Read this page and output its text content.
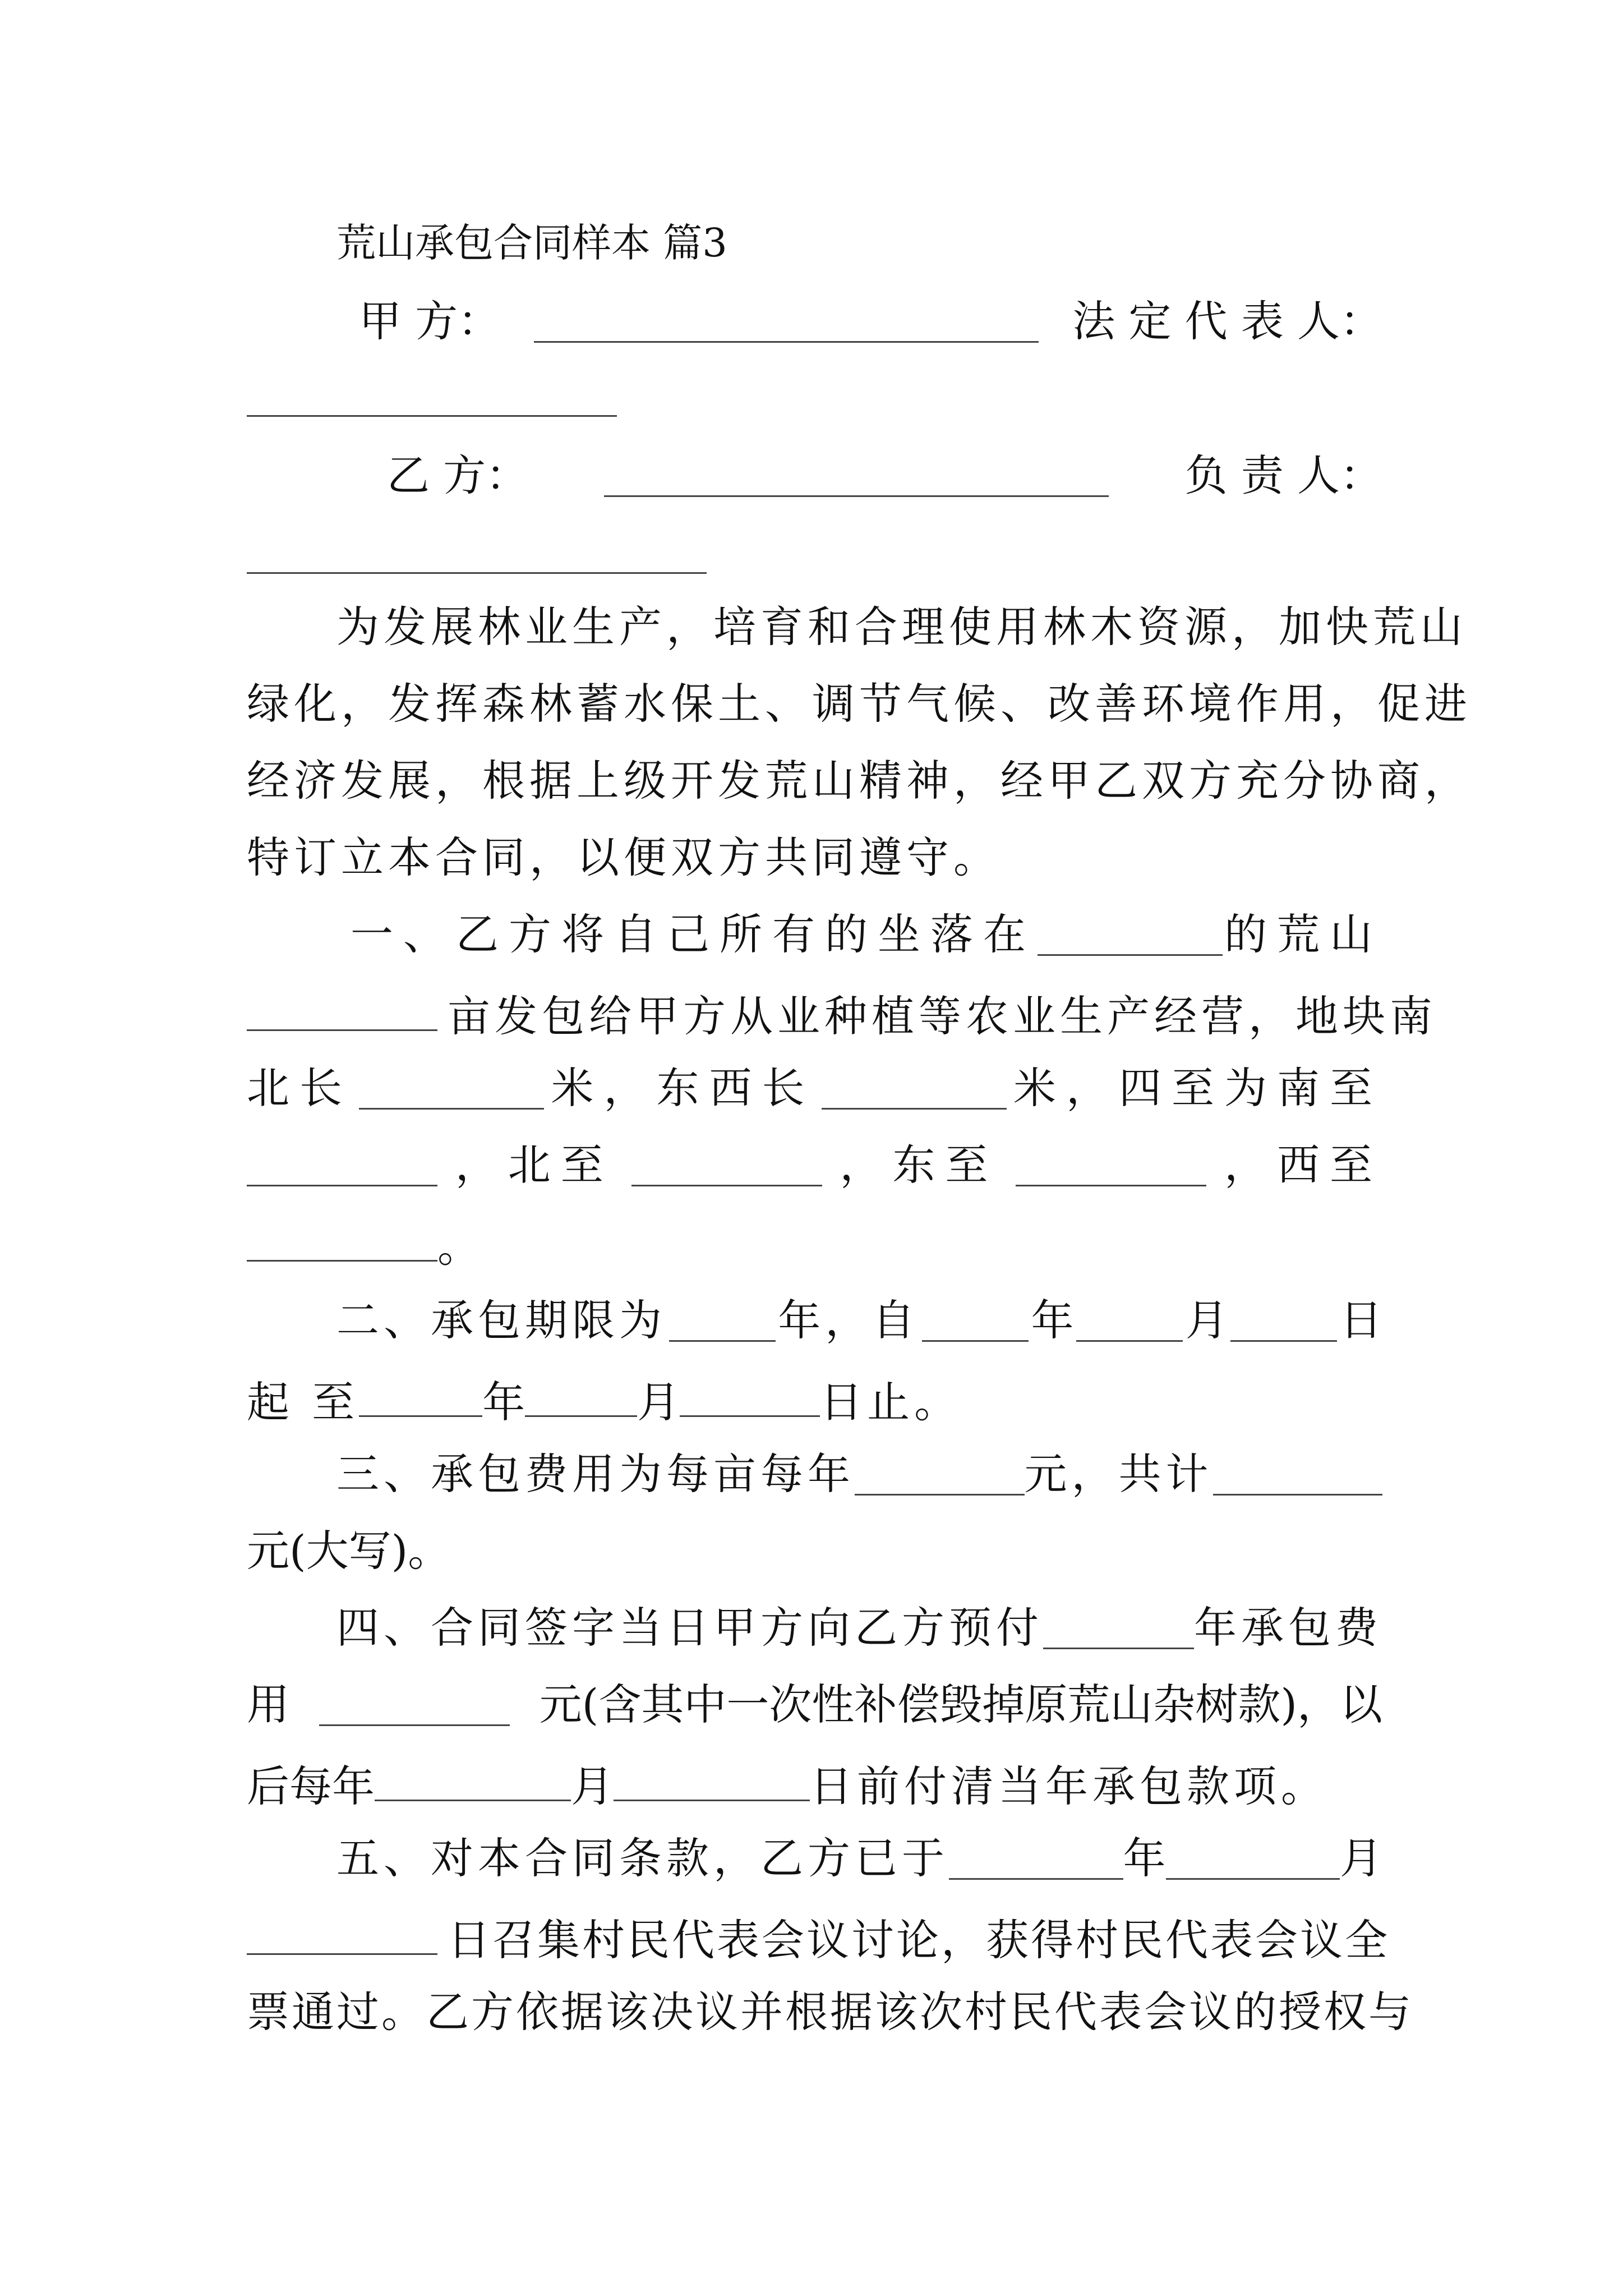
荒山承包合同样本 篇3
甲 方：	法 定 代 表 人：
乙 方：	负 责 人：
为发展林业生产，培育和合理使用林木资源，加快荒山
绿化，发挥森林蓄水保土、调节气候、改善环境作用，促进
经济发展，根据上级开发荒山精神，经甲乙双方充分协商，
特订立本合同，以便双方共同遵守。
一、乙方将自己所有的坐落在	的荒山
亩发包给甲方从业种植等农业生产经营，地块南
北长	米，东西长	米，四至为南至
，北至	，东至	，西至
。
二、承包期限为	年，自	年	月	日
起 至	年	月	日止。
三、承包费用为每亩每年	元，共计
元(大写)。
四、合同签字当日甲方向乙方预付	年承包费
用	元(含其中一次性补偿毁掉原荒山杂树款)，以
后每年	月	日前付清当年承包款项。
五、对本合同条款，乙方已于	年	月
日召集村民代表会议讨论，获得村民代表会议全
票通过。乙方依据该决议并根据该次村民代表会议的授权与
